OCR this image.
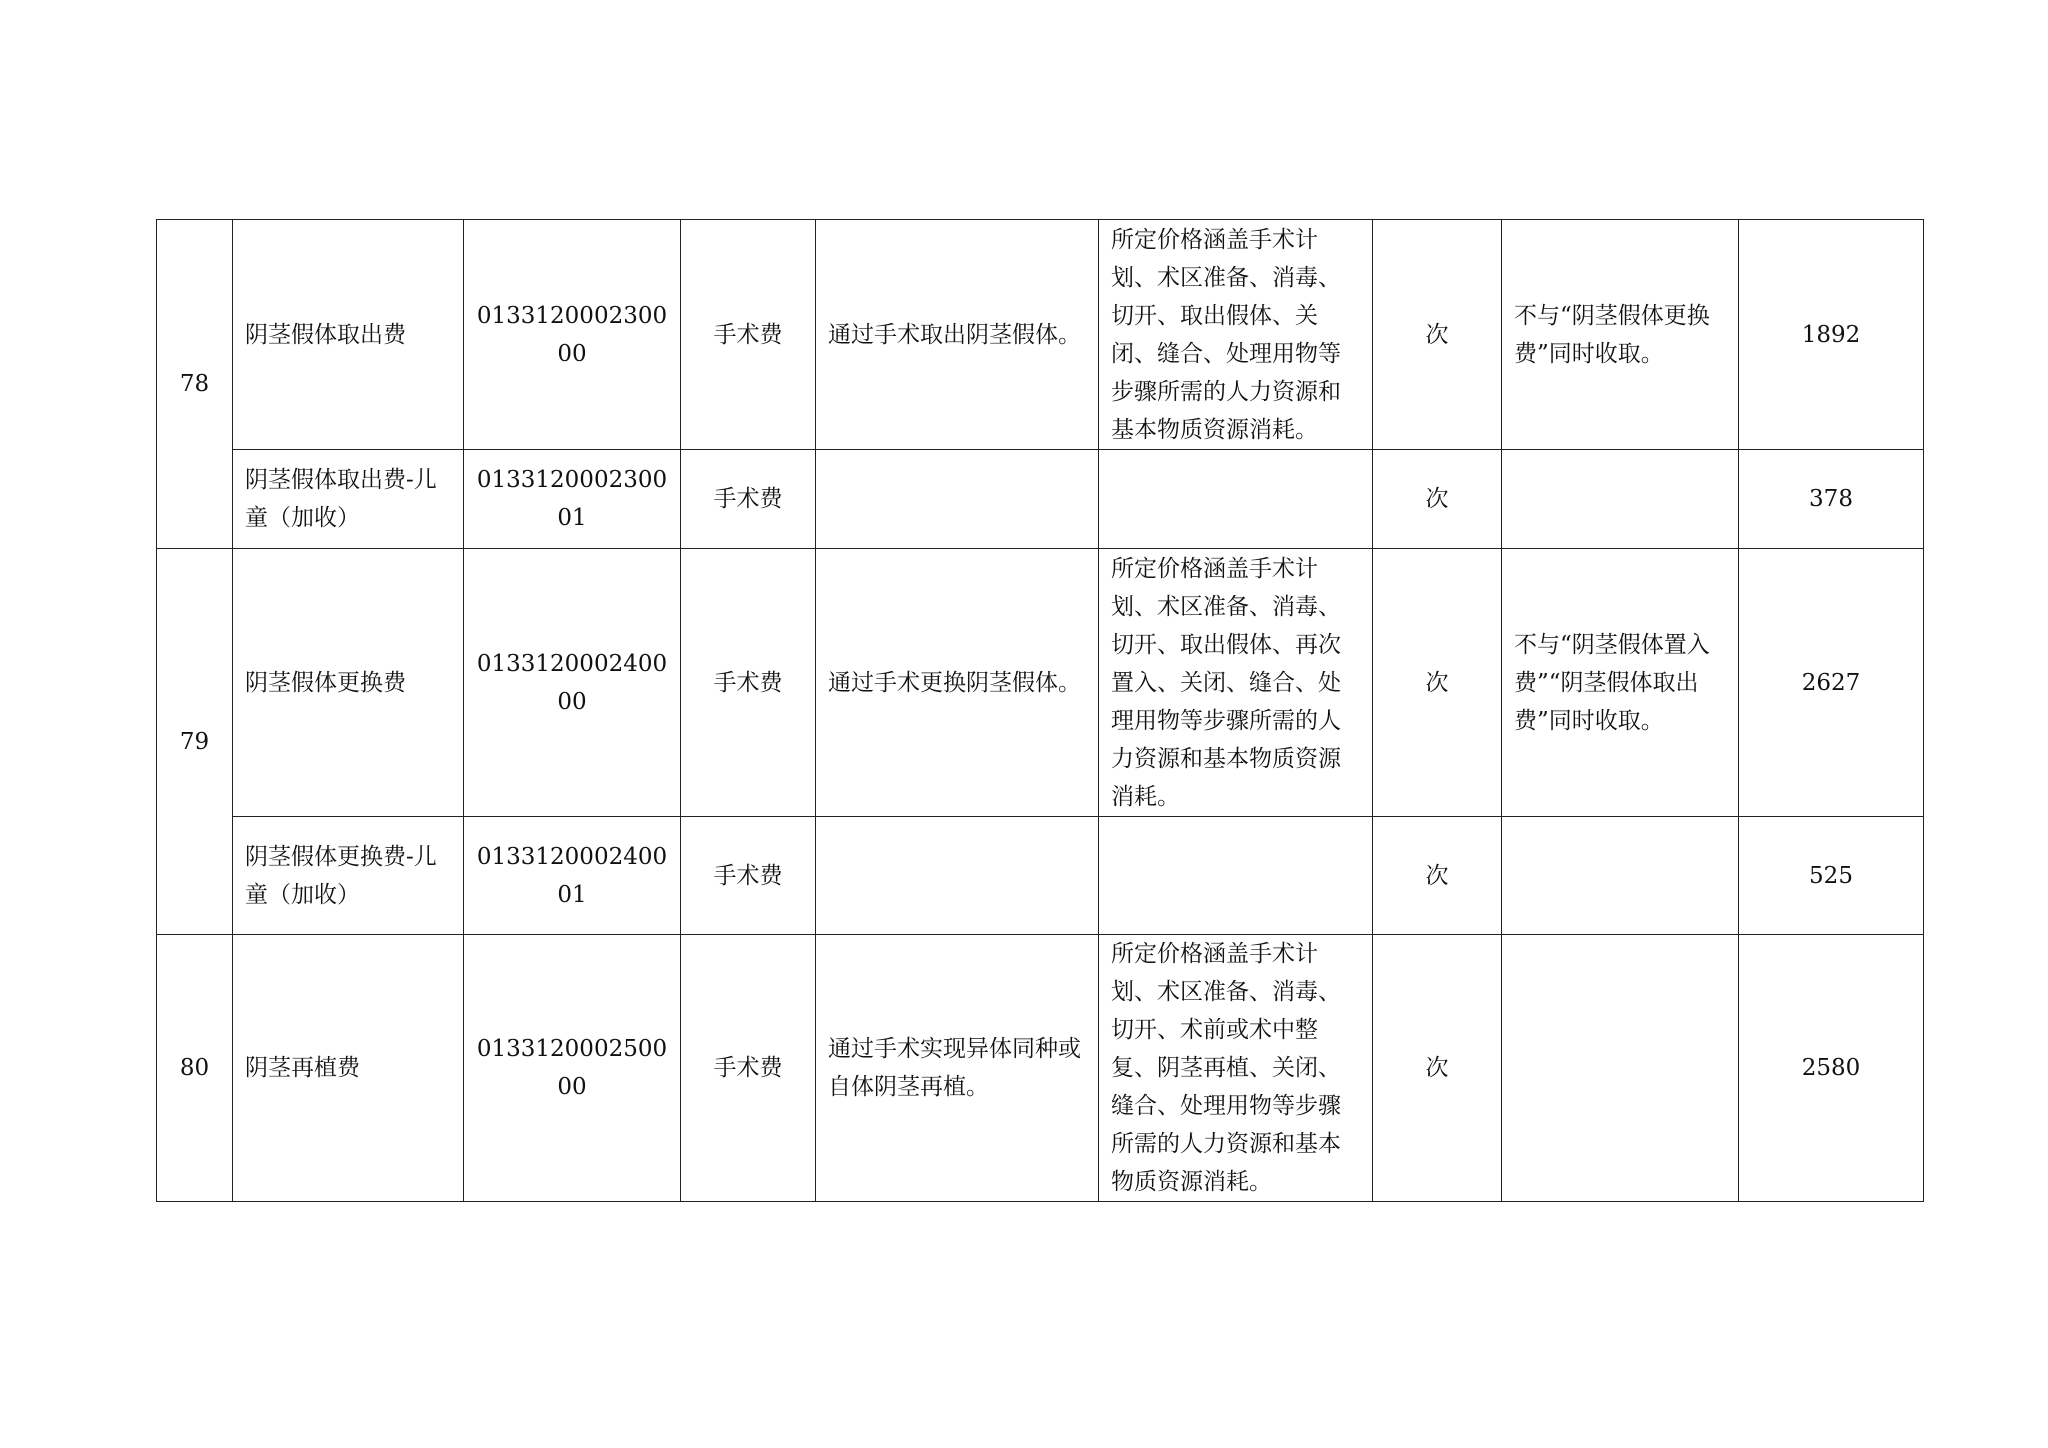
78	阴茎假体取出费	013312000230000	手术费	通过手术取出阴茎假体。	所定价格涵盖手术计划、术区准备、消毒、切开、取出假体、关闭、缝合、处理用物等步骤所需的人力资源和基本物质资源消耗。	次	不与“阴茎假体更换费”同时收取。	1892
	阴茎假体取出费-儿童（加收）	013312000230001	手术费			次		378
79	阴茎假体更换费	013312000240000	手术费	通过手术更换阴茎假体。	所定价格涵盖手术计划、术区准备、消毒、切开、取出假体、再次置入、关闭、缝合、处理用物等步骤所需的人力资源和基本物质资源消耗。	次	不与“阴茎假体置入费”“阴茎假体取出费”同时收取。	2627
	阴茎假体更换费-儿童（加收）	013312000240001	手术费			次		525
80	阴茎再植费	013312000250000	手术费	通过手术实现异体同种或自体阴茎再植。	所定价格涵盖手术计划、术区准备、消毒、切开、术前或术中整复、阴茎再植、关闭、缝合、处理用物等步骤所需的人力资源和基本物质资源消耗。	次		2580
